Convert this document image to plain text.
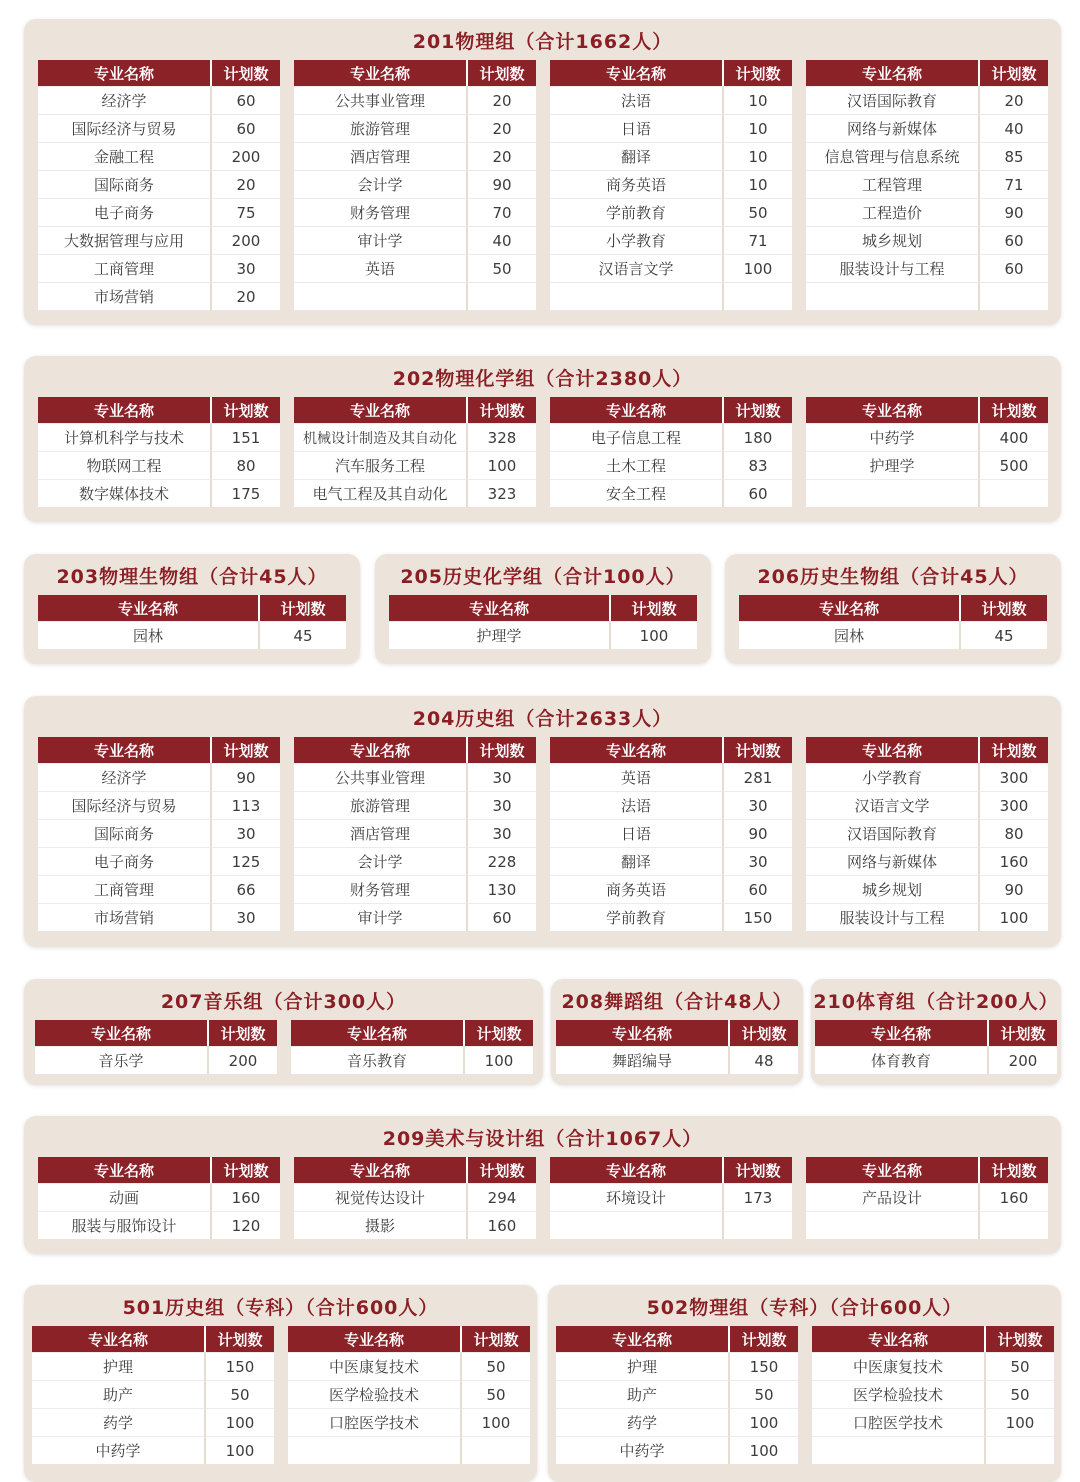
201物理组（合计1662人）
专业名称	计划数
经济学	60
国际经济与贸易	60
金融工程	200
国际商务	20
电子商务	75
大数据管理与应用	200
工商管理	30
市场营销	20
专业名称	计划数
公共事业管理	20
旅游管理	20
酒店管理	20
会计学	90
财务管理	70
审计学	40
英语	50

专业名称	计划数
法语	10
日语	10
翻译	10
商务英语	10
学前教育	50
小学教育	71
汉语言文学	100

专业名称	计划数
汉语国际教育	20
网络与新媒体	40
信息管理与信息系统	85
工程管理	71
工程造价	90
城乡规划	60
服装设计与工程	60

202物理化学组（合计2380人）
专业名称	计划数
计算机科学与技术	151
物联网工程	80
数字媒体技术	175
专业名称	计划数
机械设计制造及其自动化	328
汽车服务工程	100
电气工程及其自动化	323
专业名称	计划数
电子信息工程	180
土木工程	83
安全工程	60
专业名称	计划数
中药学	400
护理学	500

203物理生物组（合计45人）
专业名称	计划数
园林	45
205历史化学组（合计100人）
专业名称	计划数
护理学	100
206历史生物组（合计45人）
专业名称	计划数
园林	45
204历史组（合计2633人）
专业名称	计划数
经济学	90
国际经济与贸易	113
国际商务	30
电子商务	125
工商管理	66
市场营销	30
专业名称	计划数
公共事业管理	30
旅游管理	30
酒店管理	30
会计学	228
财务管理	130
审计学	60
专业名称	计划数
英语	281
法语	30
日语	90
翻译	30
商务英语	60
学前教育	150
专业名称	计划数
小学教育	300
汉语言文学	300
汉语国际教育	80
网络与新媒体	160
城乡规划	90
服装设计与工程	100
207音乐组（合计300人）
专业名称	计划数
音乐学	200
专业名称	计划数
音乐教育	100
208舞蹈组（合计48人）
专业名称	计划数
舞蹈编导	48
210体育组（合计200人）
专业名称	计划数
体育教育	200
209美术与设计组（合计1067人）
专业名称	计划数
动画	160
服装与服饰设计	120
专业名称	计划数
视觉传达设计	294
摄影	160
专业名称	计划数
环境设计	173

专业名称	计划数
产品设计	160

501历史组（专科）（合计600人）
专业名称	计划数
护理	150
助产	50
药学	100
中药学	100
专业名称	计划数
中医康复技术	50
医学检验技术	50
口腔医学技术	100

502物理组（专科）（合计600人）
专业名称	计划数
护理	150
助产	50
药学	100
中药学	100
专业名称	计划数
中医康复技术	50
医学检验技术	50
口腔医学技术	100
